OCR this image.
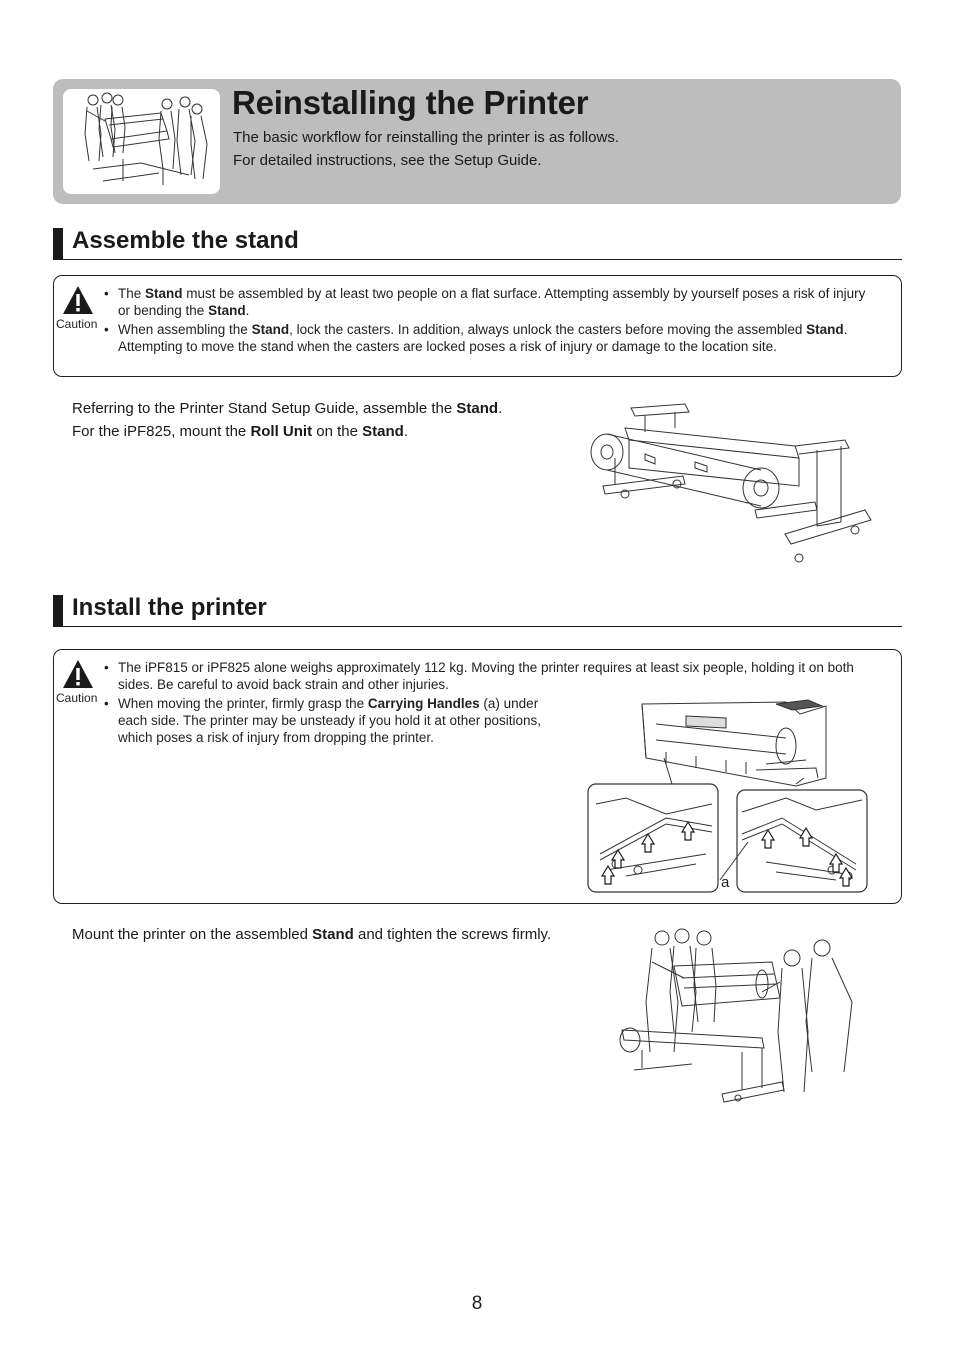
Reinstalling the Printer
The basic workflow for reinstalling the printer is as follows.
For detailed instructions, see the Setup Guide.
Assemble the stand
Caution
• The Stand must be assembled by at least two people on a flat surface. Attempting assembly by yourself poses a risk of injury or bending the Stand.
• When assembling the Stand, lock the casters. In addition, always unlock the casters before moving the assembled Stand. Attempting to move the stand when the casters are locked poses a risk of injury or damage to the location site.
Referring to the Printer Stand Setup Guide, assemble the Stand.
For the iPF825, mount the Roll Unit on the Stand.
Install the printer
Caution
• The iPF815 or iPF825 alone weighs approximately 112 kg. Moving the printer requires at least six people, holding it on both sides. Be careful to avoid back strain and other injuries.
• When moving the printer, firmly grasp the Carrying Handles (a) under each side. The printer may be unsteady if you hold it at other positions, which poses a risk of injury from dropping the printer.
a
Mount the printer on the assembled Stand and tighten the screws firmly.
8
